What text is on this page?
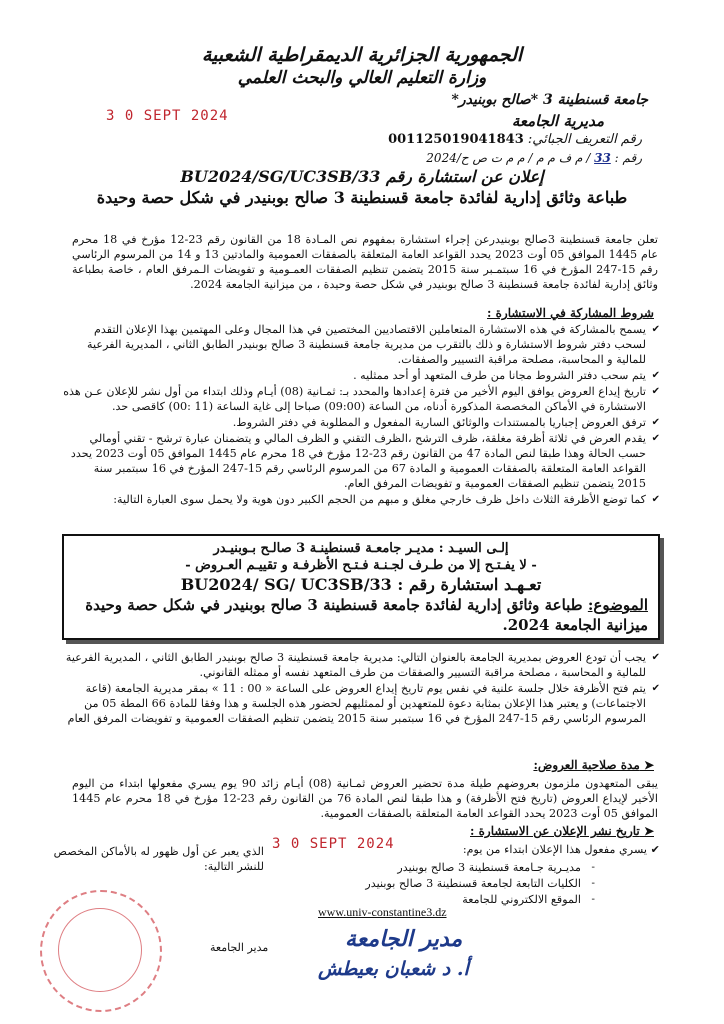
الجمهورية الجزائرية الديمقراطية الشعبية
وزارة التعليم العالي والبحث العلمي
جامعة قسنطينة 3 *صالح بوبنيدر*
مديرية الجامعة
3 0 SEPT 2024
رقم التعريف الجبائي: 001125019041843
رقم : 33 / م ف م م / م م ت ص ح/2024
إعلان عن استشارة رقم BU2024/SG/UC3SB/33
طباعة وثائق إدارية لفائدة جامعة قسنطينة 3 صالح بوبنيدر في شكل حصة وحيدة
تعلن جامعة قسنطينة 3صالح بوبنيدرعن إجراء استشارة بمفهوم نص المـادة 18 من القانون رقم 23-12 مؤرخ في 18 محرم عام 1445 الموافق 05 أوت 2023 يحدد القواعد العامة المتعلقة بالصفقات العمومية والمادتين 13 و 14 من المرسوم الرئاسي رقم 15-247 المؤرخ في 16 سبتمـبر سنة 2015 يتضمن تنظيم الصفقات العمـومية و تفويضات الـمرفق العام ، خاصة بطباعة وثائق إدارية لفائدة جامعة قسنطينة 3 صالح بوبنيدر في شكل حصة وحيدة ، من ميزانية الجامعة 2024.
شروط المشاركة في الاستشارة :
✔
يسمح بالمشاركة في هذه الاستشارة المتعاملين الاقتصاديين المختصين في هذا المجال وعلى المهتمين بهذا الإعلان التقدم لسحب دفتر شروط الاستشارة و ذلك بالتقرب من مديرية جامعة قسنطينة 3 صالح بوبنيدر الطابق الثاني ، المديرية الفرعية للمالية و المحاسبة، مصلحة مراقبة التسيير والصفقات.
✔
يتم سحب دفتر الشروط مجانا من طرف المتعهد أو أحد ممثليه .
✔
تاريخ إيداع العروض يوافق اليوم الأخير من فترة إعدادها والمحدد بـ: ثمـانية (08) أيـام وذلك ابتداء من أول نشر للإعلان عـن هذه الاستشارة في الأماكن المخصصة المذكورة أدناه، من الساعة (09:00) صباحا إلى غاية الساعة (11 :00) كاقصى حد.
✔
ترفق العروض إجباريا بالمستندات والوثائق السارية المفعول و المطلوبة في دفتر الشروط.
✔
يقدم العرض في ثلاثة أظرفة مغلقة، ظرف الترشح ،الظرف التقني و الظرف المالي و يتضمنان عبارة ترشح - تقني أومالي حسب الحالة وهذا طبقا لنص المادة 47 من القانون رقم 23-12 مؤرخ في 18 محرم عام 1445 الموافق 05 أوت 2023 يحدد القواعد العامة المتعلقة بالصفقات العمومية و المادة 67 من المرسوم الرئاسي رقم 15-247 المؤرخ في 16 سبتمبر سنة 2015 يتضمن تنظيم الصفقات العمومية و تفويضات المرفق العام.
✔
كما توضع الأظرفة الثلاث داخل ظرف خارجي مغلق و مبهم من الحجم الكبير دون هوية ولا يحمل سوى العبارة التالية:
إلـى السيـد : مديـر جامعـة قسنطينـة 3 صالـح بـوبنيـدر
- لا يفـتـح إلا من طـرف لجـنـة فـتـح الأظرفـة و تقييـم العـروض -
تعـهـد استشارة رقم : BU2024/ SG/ UC3SB/33
الموضوع: طباعة وثائق إدارية لفائدة جامعة قسنطينة 3 صالح بوبنيدر في شكل حصة وحيدة ميزانية الجامعة 2024.
✔
يجب أن تودع العروض بمديرية الجامعة بالعنوان التالي: مديرية جامعة قسنطينة 3 صالح بوبنيدر الطابق الثاني ، المديرية الفرعية للمالية و المحاسبة ، مصلحة مراقبة التسيير والصفقات من طرف المتعهد نفسه أو ممثله القانوني.
✔
يتم فتح الأظرفة خلال جلسة علنية في نفس يوم تاريخ إيداع العروض على الساعة « 00 : 11 » بمقر مديرية الجامعة (قاعة الاجتماعات) و يعتبر هذا الإعلان بمثابة دعوة للمتعهدين أو لممثليهم لحضور هذه الجلسة و هذا وفقا للمادة 66 المطة 05 من المرسوم الرئاسي رقم 15-247 المؤرخ في 16 سبتمبر سنة 2015 يتضمن تنظيم الصفقات العمومية و تفويضات المرفق العام
➤ مدة صلاحية العروض:
يبقى المتعهدون ملزمون بعروضهم طيلة مدة تحضير العروض ثمـانية (08) أيـام زائد 90 يوم يسري مفعولها ابتداء من اليوم الأخير لإيداع العروض (تاريخ فتح الأظرفة) و هذا طبقا لنص المادة 76 من القانون رقم 23-12 مؤرخ في 18 محرم عام 1445 الموافق 05 أوت 2023 يحدد القواعد العامة المتعلقة بالصفقات العمومية.
➤ تاريخ نشر الإعلان عن الاستشارة :
✔ يسري مفعول هذا الإعلان ابتداء من يوم:
3 0 SEPT 2024
الذي يعبر عن أول ظهور له بالأماكن المخصص للنشر التالية:	-
مديـرية جـامعة قسنطينة 3 صالح بوبنيدر
-
الكليات التابعة لجامعة قسنطينة 3 صالح بوبنيدر
-
الموقع الالكتروني للجامعة
www.univ-constantine3.dz
مدير الجامعة	مدير الجامعة
أ. د شعبان بعيطش
